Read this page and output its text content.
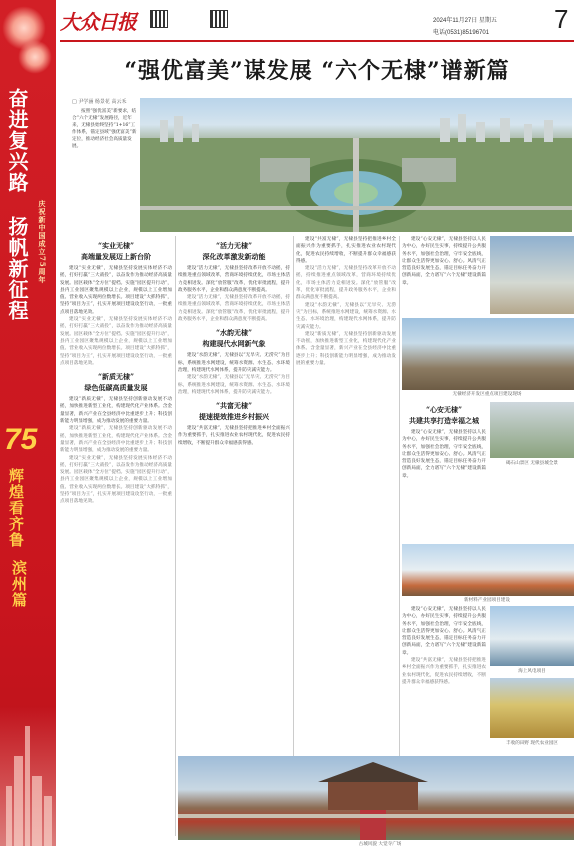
奋进复兴路
扬帆新征程	庆祝新中国成立75周年
75
辉煌看齐鲁
滨州篇
大众日报	2024年11月27日 星期五
电话(0531)85196701 7
“强优富美”谋发展 “六个无棣”谱新篇
□ 尹学涵 杨景花 高云禾

按照“强优富美”新要求，结合“六个无棣”发展路径，近年来，无棣县始终坚持“1+16”工作体系，锚定县域“强优富美”新定位，推动经济社会高质量发展。

“实业无棣”
高端量发展迈上新台阶

建设“实业无棣”，无棣县坚持发展实体经济不动摇，打好打赢“三大战役”，以奋发作为推动经济高质量发展。园区载体“全方位”提档。实施“园区提升行动”，县内工业园区聚集规模以上企业，规模以上工业增加值、营业收入实现两位数增长。项目建设“大抓特抓”，坚持“项目为王”，扎实开展项目建设攻坚行动，一批重点项目落地见效。

建设“实业无棣”，无棣县坚持发展实体经济不动摇，打好打赢“三大战役”，以奋发作为推动经济高质量发展。园区载体“全方位”提档。实施“园区提升行动”，县内工业园区聚集规模以上企业，规模以上工业增加值、营业收入实现两位数增长。项目建设“大抓特抓”，坚持“项目为王”，扎实开展项目建设攻坚行动，一批重点项目落地见效。

“新质无棣”
绿色低碳高质量发展

建设“新质无棣”，无棣县坚持创新驱动发展不动摇，加快推进新型工业化，构建现代化产业体系。含金量显著，新兴产业在全县经济中比重逐步上升；科技创新能力明显增强，成为推动发展的重要力量。

建设“新质无棣”，无棣县坚持创新驱动发展不动摇，加快推进新型工业化，构建现代化产业体系。含金量显著，新兴产业在全县经济中比重逐步上升；科技创新能力明显增强，成为推动发展的重要力量。

建设“实业无棣”，无棣县坚持发展实体经济不动摇，打好打赢“三大战役”，以奋发作为推动经济高质量发展。园区载体“全方位”提档。实施“园区提升行动”，县内工业园区聚集规模以上企业，规模以上工业增加值、营业收入实现两位数增长。项目建设“大抓特抓”，坚持“项目为王”，扎实开展项目建设攻坚行动，一批重点项目落地见效。

“活力无棣”
深化改革激发新动能

建设“活力无棣”，无棣县坚持改革开放不动摇，持续推进重点领域改革，营商环境持续优化，市场主体活力竞相迸发。深化“放管服”改革，优化审批流程，提升政务服务水平，企业和群众满意度不断提高。

建设“活力无棣”，无棣县坚持改革开放不动摇，持续推进重点领域改革，营商环境持续优化，市场主体活力竞相迸发。深化“放管服”改革，优化审批流程，提升政务服务水平，企业和群众满意度不断提高。

“水韵无棣”
构建现代水网新气象

建设“水韵无棣”，无棣县以“无旱灾、无涝灾”为目标，系统推进水网建设，统筹水资源、水生态、水环境治理，构建现代水网体系，提升防灾减灾能力。

建设“水韵无棣”，无棣县以“无旱灾、无涝灾”为目标，系统推进水网建设，统筹水资源、水生态、水环境治理，构建现代水网体系，提升防灾减灾能力。

“共富无棣”
提速提效推进乡村振兴

建设“共富无棣”，无棣县坚持把推进乡村全面振兴作为重要抓手，扎实推进农业农村现代化，促进农民持续增收，不断提升群众幸福感获得感。

建设“共富无棣”，无棣县坚持把推进乡村全面振兴作为重要抓手，扎实推进农业农村现代化，促进农民持续增收，不断提升群众幸福感获得感。

建设“活力无棣”，无棣县坚持改革开放不动摇，持续推进重点领域改革，营商环境持续优化，市场主体活力竞相迸发。深化“放管服”改革，优化审批流程，提升政务服务水平，企业和群众满意度不断提高。

建设“水韵无棣”，无棣县以“无旱灾、无涝灾”为目标，系统推进水网建设，统筹水资源、水生态、水环境治理，构建现代水网体系，提升防灾减灾能力。

建设“新质无棣”，无棣县坚持创新驱动发展不动摇，加快推进新型工业化，构建现代化产业体系。含金量显著，新兴产业在全县经济中比重逐步上升；科技创新能力明显增强，成为推动发展的重要力量。

建设“心安无棣”，无棣县坚持以人民为中心，办好民生实事，持续提升公共服务水平，加强社会治理，守牢安全底线，让群众生活得更加安心、舒心。风清气正营造良好发展生态，锚定目标任务奋力开创新局面，全力谱写“六个无棣”建设新篇章。

无棣经济开发区重点项目建设现场
“心安无棣”
共建共享打造幸福之城

建设“心安无棣”，无棣县坚持以人民为中心，办好民生实事，持续提升公共服务水平，加强社会治理，守牢安全底线，让群众生活得更加安心、舒心。风清气正营造良好发展生态，锚定目标任务奋力开创新局面，全力谱写“六个无棣”建设新篇章。

碣石山景区 无棣县城全景
新材料产业园项目建设

建设“心安无棣”，无棣县坚持以人民为中心，办好民生实事，持续提升公共服务水平，加强社会治理，守牢安全底线，让群众生活得更加安心、舒心。风清气正营造良好发展生态，锚定目标任务奋力开创新局面，全力谱写“六个无棣”建设新篇章。

建设“共富无棣”，无棣县坚持把推进乡村全面振兴作为重要抓手，扎实推进农业农村现代化，促进农民持续增收，不断提升群众幸福感获得感。

海上风电项目
丰收的田野 现代农业园区
古城风貌 大觉寺广场
